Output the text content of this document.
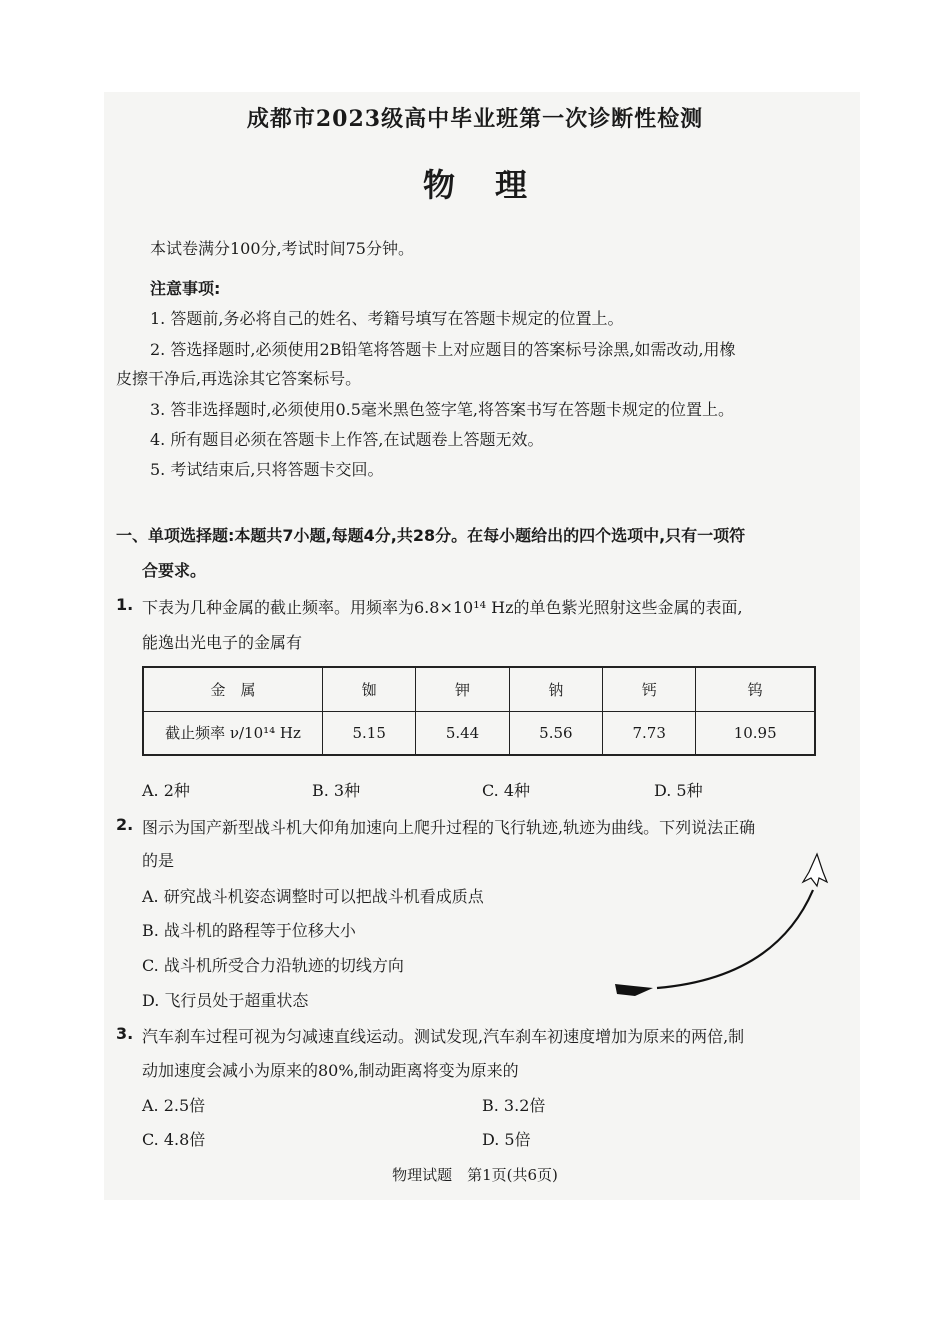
成都市2023级高中毕业班第一次诊断性检测
物 理
本试卷满分100分,考试时间75分钟。
注意事项:
1. 答题前,务必将自己的姓名、考籍号填写在答题卡规定的位置上。
2. 答选择题时,必须使用2B铅笔将答题卡上对应题目的答案标号涂黑,如需改动,用橡
皮擦干净后,再选涂其它答案标号。
3. 答非选择题时,必须使用0.5毫米黑色签字笔,将答案书写在答题卡规定的位置上。
4. 所有题目必须在答题卡上作答,在试题卷上答题无效。
5. 考试结束后,只将答题卡交回。
一、单项选择题:本题共7小题,每题4分,共28分。在每小题给出的四个选项中,只有一项符
合要求。
1. 下表为几种金属的截止频率。用频率为6.8×10¹⁴ Hz的单色紫光照射这些金属的表面,
能逸出光电子的金属有
金　属	铷	钾	钠	钙	钨
截止频率 ν/10¹⁴ Hz	5.15	5.44	5.56	7.73	10.95
A. 2种	B. 3种	C. 4种	D. 5种
2. 图示为国产新型战斗机大仰角加速向上爬升过程的飞行轨迹,轨迹为曲线。下列说法正确
的是
A. 研究战斗机姿态调整时可以把战斗机看成质点
B. 战斗机的路程等于位移大小
C. 战斗机所受合力沿轨迹的切线方向
D. 飞行员处于超重状态
3. 汽车刹车过程可视为匀减速直线运动。测试发现,汽车刹车初速度增加为原来的两倍,制
动加速度会减小为原来的80%,制动距离将变为原来的
A. 2.5倍	B. 3.2倍
C. 4.8倍	D. 5倍
物理试题　第1页(共6页)
